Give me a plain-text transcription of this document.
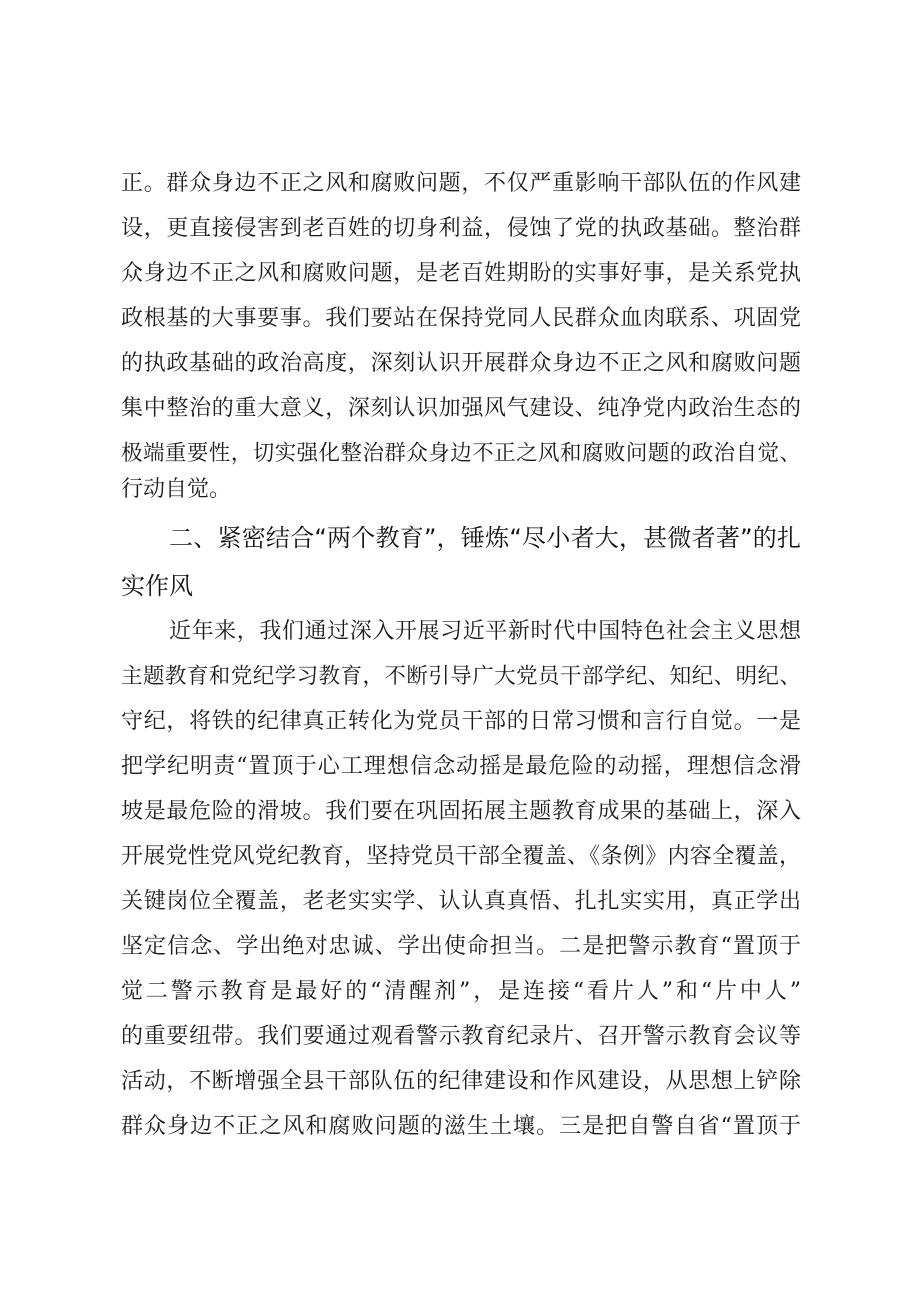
正。群众身边不正之风和腐败问题，不仅严重影响干部队伍的作风建
设，更直接侵害到老百姓的切身利益，侵蚀了党的执政基础。整治群
众身边不正之风和腐败问题，是老百姓期盼的实事好事，是关系党执
政根基的大事要事。我们要站在保持党同人民群众血肉联系、巩固党
的执政基础的政治高度，深刻认识开展群众身边不正之风和腐败问题
集中整治的重大意义，深刻认识加强风气建设、纯净党内政治生态的
极端重要性，切实强化整治群众身边不正之风和腐败问题的政治自觉、
行动自觉。
二、紧密结合“两个教育”，锤炼“尽小者大，甚微者著”的扎
实作风
近年来，我们通过深入开展习近平新时代中国特色社会主义思想
主题教育和党纪学习教育，不断引导广大党员干部学纪、知纪、明纪、
守纪，将铁的纪律真正转化为党员干部的日常习惯和言行自觉。一是
把学纪明责“置顶于心工理想信念动摇是最危险的动摇，理想信念滑
坡是最危险的滑坡。我们要在巩固拓展主题教育成果的基础上，深入
开展党性党风党纪教育，坚持党员干部全覆盖、《条例》内容全覆盖，
关键岗位全覆盖，老老实实学、认认真真悟、扎扎实实用，真正学出
坚定信念、学出绝对忠诚、学出使命担当。二是把警示教育“置顶于
觉二警示教育是最好的“清醒剂”，是连接“看片人”和“片中人”
的重要纽带。我们要通过观看警示教育纪录片、召开警示教育会议等
活动，不断增强全县干部队伍的纪律建设和作风建设，从思想上铲除
群众身边不正之风和腐败问题的滋生土壤。三是把自警自省“置顶于
